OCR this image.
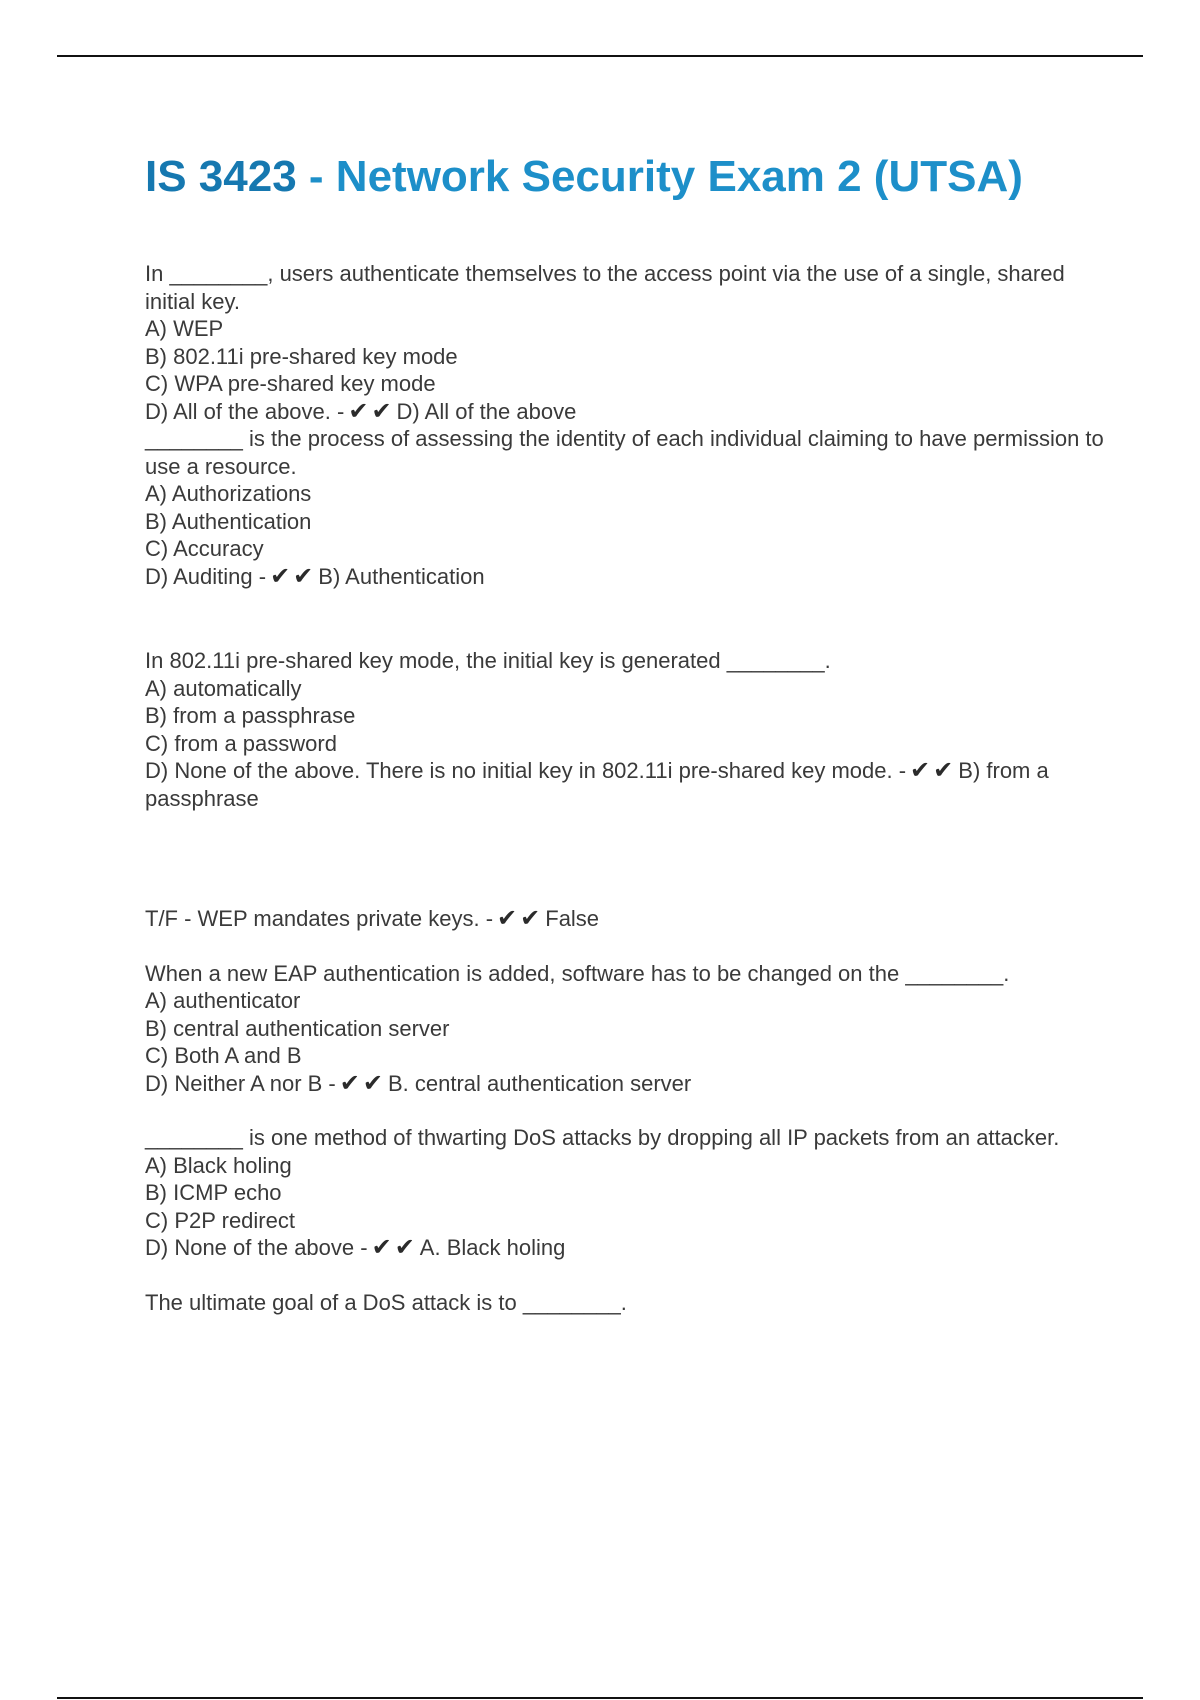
IS 3423 - Network Security Exam 2 (UTSA)
In ________, users authenticate themselves to the access point via the use of a single, shared initial key.
A) WEP
B) 802.11i pre-shared key mode
C) WPA pre-shared key mode
D) All of the above. - ✔✔D) All of the above
________ is the process of assessing the identity of each individual claiming to have permission to use a resource.
A) Authorizations
B) Authentication
C) Accuracy
D) Auditing - ✔✔B) Authentication
In 802.11i pre-shared key mode, the initial key is generated ________.
A) automatically
B) from a passphrase
C) from a password
D) None of the above. There is no initial key in 802.11i pre-shared key mode. - ✔✔B) from a passphrase
T/F - WEP mandates private keys. - ✔✔False
When a new EAP authentication is added, software has to be changed on the ________.
A) authenticator
B) central authentication server
C) Both A and B
D) Neither A nor B - ✔✔B. central authentication server
________ is one method of thwarting DoS attacks by dropping all IP packets from an attacker.
A) Black holing
B) ICMP echo
C) P2P redirect
D) None of the above - ✔✔A. Black holing
The ultimate goal of a DoS attack is to ________.
